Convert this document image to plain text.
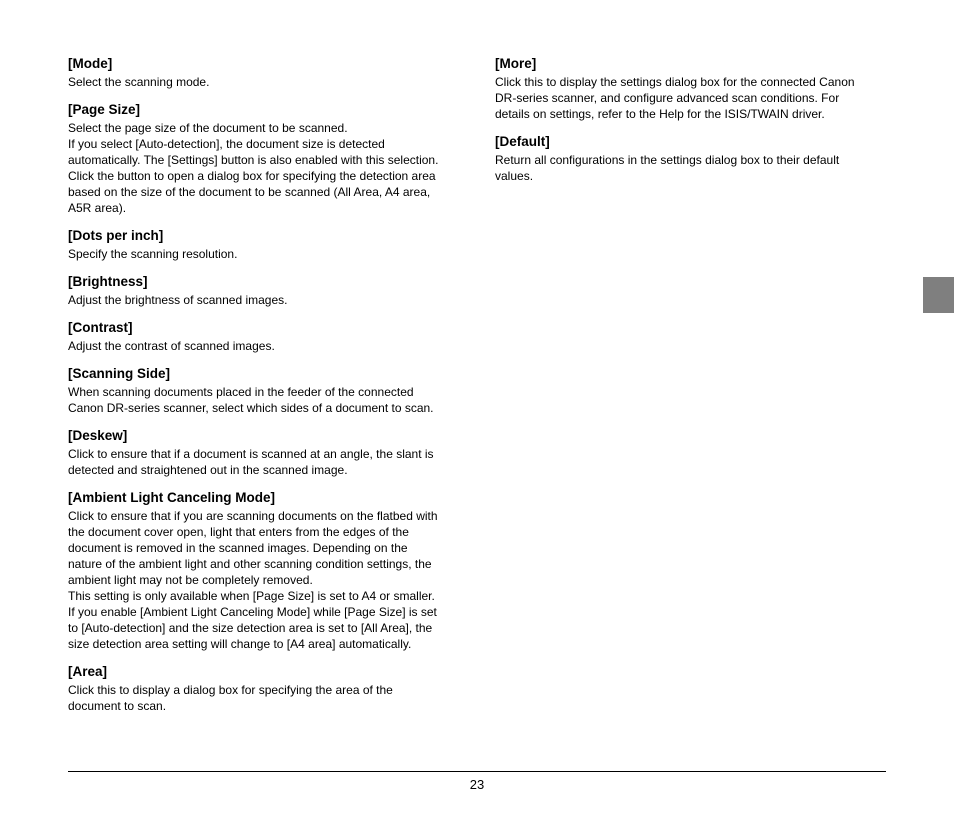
[Mode]

Select the scanning mode.

[Page Size]

Select the page size of the document to be scanned.
If you select [Auto-detection], the document size is detected
automatically. The [Settings] button is also enabled with this selection.
Click the button to open a dialog box for specifying the detection area
based on the size of the document to be scanned (All Area, A4 area,
A5R area).

[Dots per inch]

Specify the scanning resolution.

[Brightness]

Adjust the brightness of scanned images.

[Contrast]

Adjust the contrast of scanned images.

[Scanning Side]

When scanning documents placed in the feeder of the connected
Canon DR-series scanner, select which sides of a document to scan.

[Deskew]

Click to ensure that if a document is scanned at an angle, the slant is
detected and straightened out in the scanned image.

[Ambient Light Canceling Mode]

Click to ensure that if you are scanning documents on the flatbed with
the document cover open, light that enters from the edges of the
document is removed in the scanned images. Depending on the
nature of the ambient light and other scanning condition settings, the
ambient light may not be completely removed.
This setting is only available when [Page Size] is set to A4 or smaller.
If you enable [Ambient Light Canceling Mode] while [Page Size] is set
to [Auto-detection] and the size detection area is set to [All Area], the
size detection area setting will change to [A4 area] automatically.

[Area]

Click this to display a dialog box for specifying the area of the
document to scan.

[More]

Click this to display the settings dialog box for the connected Canon
DR-series scanner, and configure advanced scan conditions. For
details on settings, refer to the Help for the ISIS/TWAIN driver.

[Default]

Return all configurations in the settings dialog box to their default
values.

23
